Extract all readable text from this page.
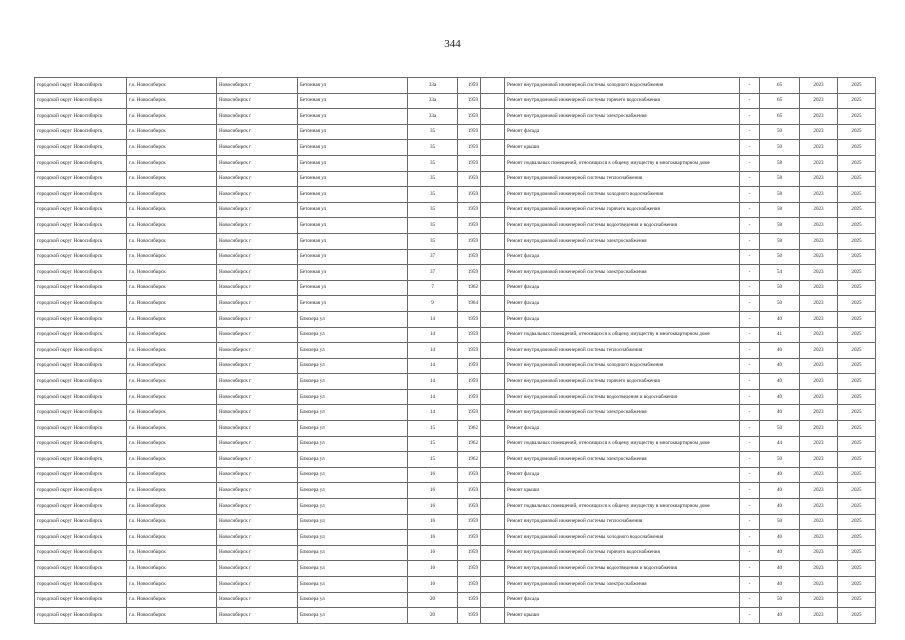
344
городской округ Новосибирск	г.о. Новосибирск	Новосибирск г	Бетонная ул	33а	1959		Ремонт внутридомовой инженерной системы холодного водоснабжения	-	65	2023	2025
городской округ Новосибирск	г.о. Новосибирск	Новосибирск г	Бетонная ул	33а	1959		Ремонт внутридомовой инженерной системы горячего водоснабжения	-	65	2023	2025
городской округ Новосибирск	г.о. Новосибирск	Новосибирск г	Бетонная ул	33а	1959		Ремонт внутридомовой инженерной системы электроснабжения	-	65	2023	2025
городской округ Новосибирск	г.о. Новосибирск	Новосибирск г	Бетонная ул	35	1959		Ремонт фасада	-	50	2023	2025
городской округ Новосибирск	г.о. Новосибирск	Новосибирск г	Бетонная ул	35	1959		Ремонт крыши	-	50	2023	2025
городской округ Новосибирск	г.о. Новосибирск	Новосибирск г	Бетонная ул	35	1959		Ремонт подвальных помещений, относящихся к общему имуществу в многоквартирном доме	-	58	2023	2025
городской округ Новосибирск	г.о. Новосибирск	Новосибирск г	Бетонная ул	35	1959		Ремонт внутридомовой инженерной системы теплоснабжения	-	58	2023	2025
городской округ Новосибирск	г.о. Новосибирск	Новосибирск г	Бетонная ул	35	1959		Ремонт внутридомовой инженерной системы холодного водоснабжения	-	58	2023	2025
городской округ Новосибирск	г.о. Новосибирск	Новосибирск г	Бетонная ул	35	1959		Ремонт внутридомовой инженерной системы горячего водоснабжения	-	58	2023	2025
городской округ Новосибирск	г.о. Новосибирск	Новосибирск г	Бетонная ул	35	1959		Ремонт внутридомовой инженерной системы водоотведения и водоснабжения	-	58	2023	2025
городской округ Новосибирск	г.о. Новосибирск	Новосибирск г	Бетонная ул	35	1959		Ремонт внутридомовой инженерной системы электроснабжения	-	58	2023	2025
городской округ Новосибирск	г.о. Новосибирск	Новосибирск г	Бетонная ул	37	1959		Ремонт фасада	-	50	2023	2025
городской округ Новосибирск	г.о. Новосибирск	Новосибирск г	Бетонная ул	37	1959		Ремонт внутридомовой инженерной системы электроснабжения	-	54	2023	2025
городской округ Новосибирск	г.о. Новосибирск	Новосибирск г	Бетонная ул	7	1962		Ремонт фасада	-	50	2023	2025
городской округ Новосибирск	г.о. Новосибирск	Новосибирск г	Бетонная ул	9	1964		Ремонт фасада	-	50	2023	2025
городской округ Новосибирск	г.о. Новосибирск	Новосибирск г	Блюхера ул	14	1959		Ремонт фасада	-	40	2023	2025
городской округ Новосибирск	г.о. Новосибирск	Новосибирск г	Блюхера ул	14	1959		Ремонт подвальных помещений, относящихся к общему имуществу в многоквартирном доме	-	41	2023	2025
городской округ Новосибирск	г.о. Новосибирск	Новосибирск г	Блюхера ул	14	1959		Ремонт внутридомовой инженерной системы теплоснабжения	-	40	2023	2025
городской округ Новосибирск	г.о. Новосибирск	Новосибирск г	Блюхера ул	14	1959		Ремонт внутридомовой инженерной системы холодного водоснабжения	-	40	2023	2025
городской округ Новосибирск	г.о. Новосибирск	Новосибирск г	Блюхера ул	14	1959		Ремонт внутридомовой инженерной системы горячего водоснабжения	-	40	2023	2025
городской округ Новосибирск	г.о. Новосибирск	Новосибирск г	Блюхера ул	14	1959		Ремонт внутридомовой инженерной системы водоотведения и водоснабжения	-	40	2023	2025
городской округ Новосибирск	г.о. Новосибирск	Новосибирск г	Блюхера ул	14	1959		Ремонт внутридомовой инженерной системы электроснабжения	-	40	2023	2025
городской округ Новосибирск	г.о. Новосибирск	Новосибирск г	Блюхера ул	15	1962		Ремонт фасада	-	50	2023	2025
городской округ Новосибирск	г.о. Новосибирск	Новосибирск г	Блюхера ул	15	1962		Ремонт подвальных помещений, относящихся к общему имуществу в многоквартирном доме	-	44	2023	2025
городской округ Новосибирск	г.о. Новосибирск	Новосибирск г	Блюхера ул	15	1962		Ремонт внутридомовой инженерной системы электроснабжения	-	50	2023	2025
городской округ Новосибирск	г.о. Новосибирск	Новосибирск г	Блюхера ул	16	1959		Ремонт фасада	-	40	2023	2025
городской округ Новосибирск	г.о. Новосибирск	Новосибирск г	Блюхера ул	16	1959		Ремонт крыши	-	40	2023	2025
городской округ Новосибирск	г.о. Новосибирск	Новосибирск г	Блюхера ул	16	1959		Ремонт подвальных помещений, относящихся к общему имуществу в многоквартирном доме	-	40	2023	2025
городской округ Новосибирск	г.о. Новосибирск	Новосибирск г	Блюхера ул	16	1959		Ремонт внутридомовой инженерной системы теплоснабжения	-	50	2023	2025
городской округ Новосибирск	г.о. Новосибирск	Новосибирск г	Блюхера ул	16	1959		Ремонт внутридомовой инженерной системы холодного водоснабжения	-	40	2023	2025
городской округ Новосибирск	г.о. Новосибирск	Новосибирск г	Блюхера ул	16	1959		Ремонт внутридомовой инженерной системы горячего водоснабжения	-	40	2023	2025
городской округ Новосибирск	г.о. Новосибирск	Новосибирск г	Блюхера ул	16	1959		Ремонт внутридомовой инженерной системы водоотведения и водоснабжения	-	40	2023	2025
городской округ Новосибирск	г.о. Новосибирск	Новосибирск г	Блюхера ул	16	1959		Ремонт внутридомовой инженерной системы электроснабжения	-	40	2023	2025
городской округ Новосибирск	г.о. Новосибирск	Новосибирск г	Блюхера ул	20	1959		Ремонт фасада	-	50	2023	2025
городской округ Новосибирск	г.о. Новосибирск	Новосибирск г	Блюхера ул	20	1959		Ремонт крыши	-	40	2023	2025
